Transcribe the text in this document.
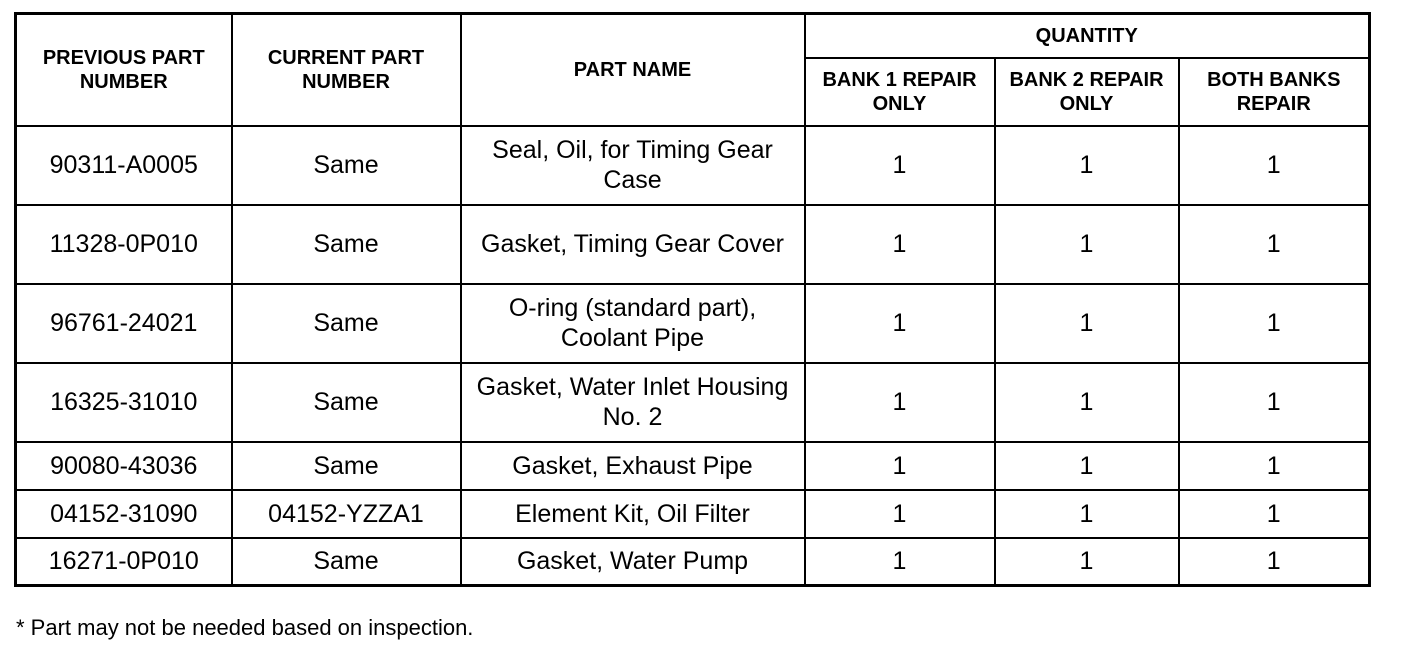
PREVIOUS PART NUMBER	CURRENT PART NUMBER	PART NAME	QUANTITY		
			BANK 1 REPAIR ONLY	BANK 2 REPAIR ONLY	BOTH BANKS REPAIR
90311-A0005	Same	Seal, Oil, for Timing Gear Case	1	1	1
11328-0P010	Same	Gasket, Timing Gear Cover	1	1	1
96761-24021	Same	O-ring (standard part), Coolant Pipe	1	1	1
16325-31010	Same	Gasket, Water Inlet Housing No. 2	1	1	1
90080-43036	Same	Gasket, Exhaust Pipe	1	1	1
04152-31090	04152-YZZA1	Element Kit, Oil Filter	1	1	1
16271-0P010	Same	Gasket, Water Pump	1	1	1

* Part may not be needed based on inspection.
